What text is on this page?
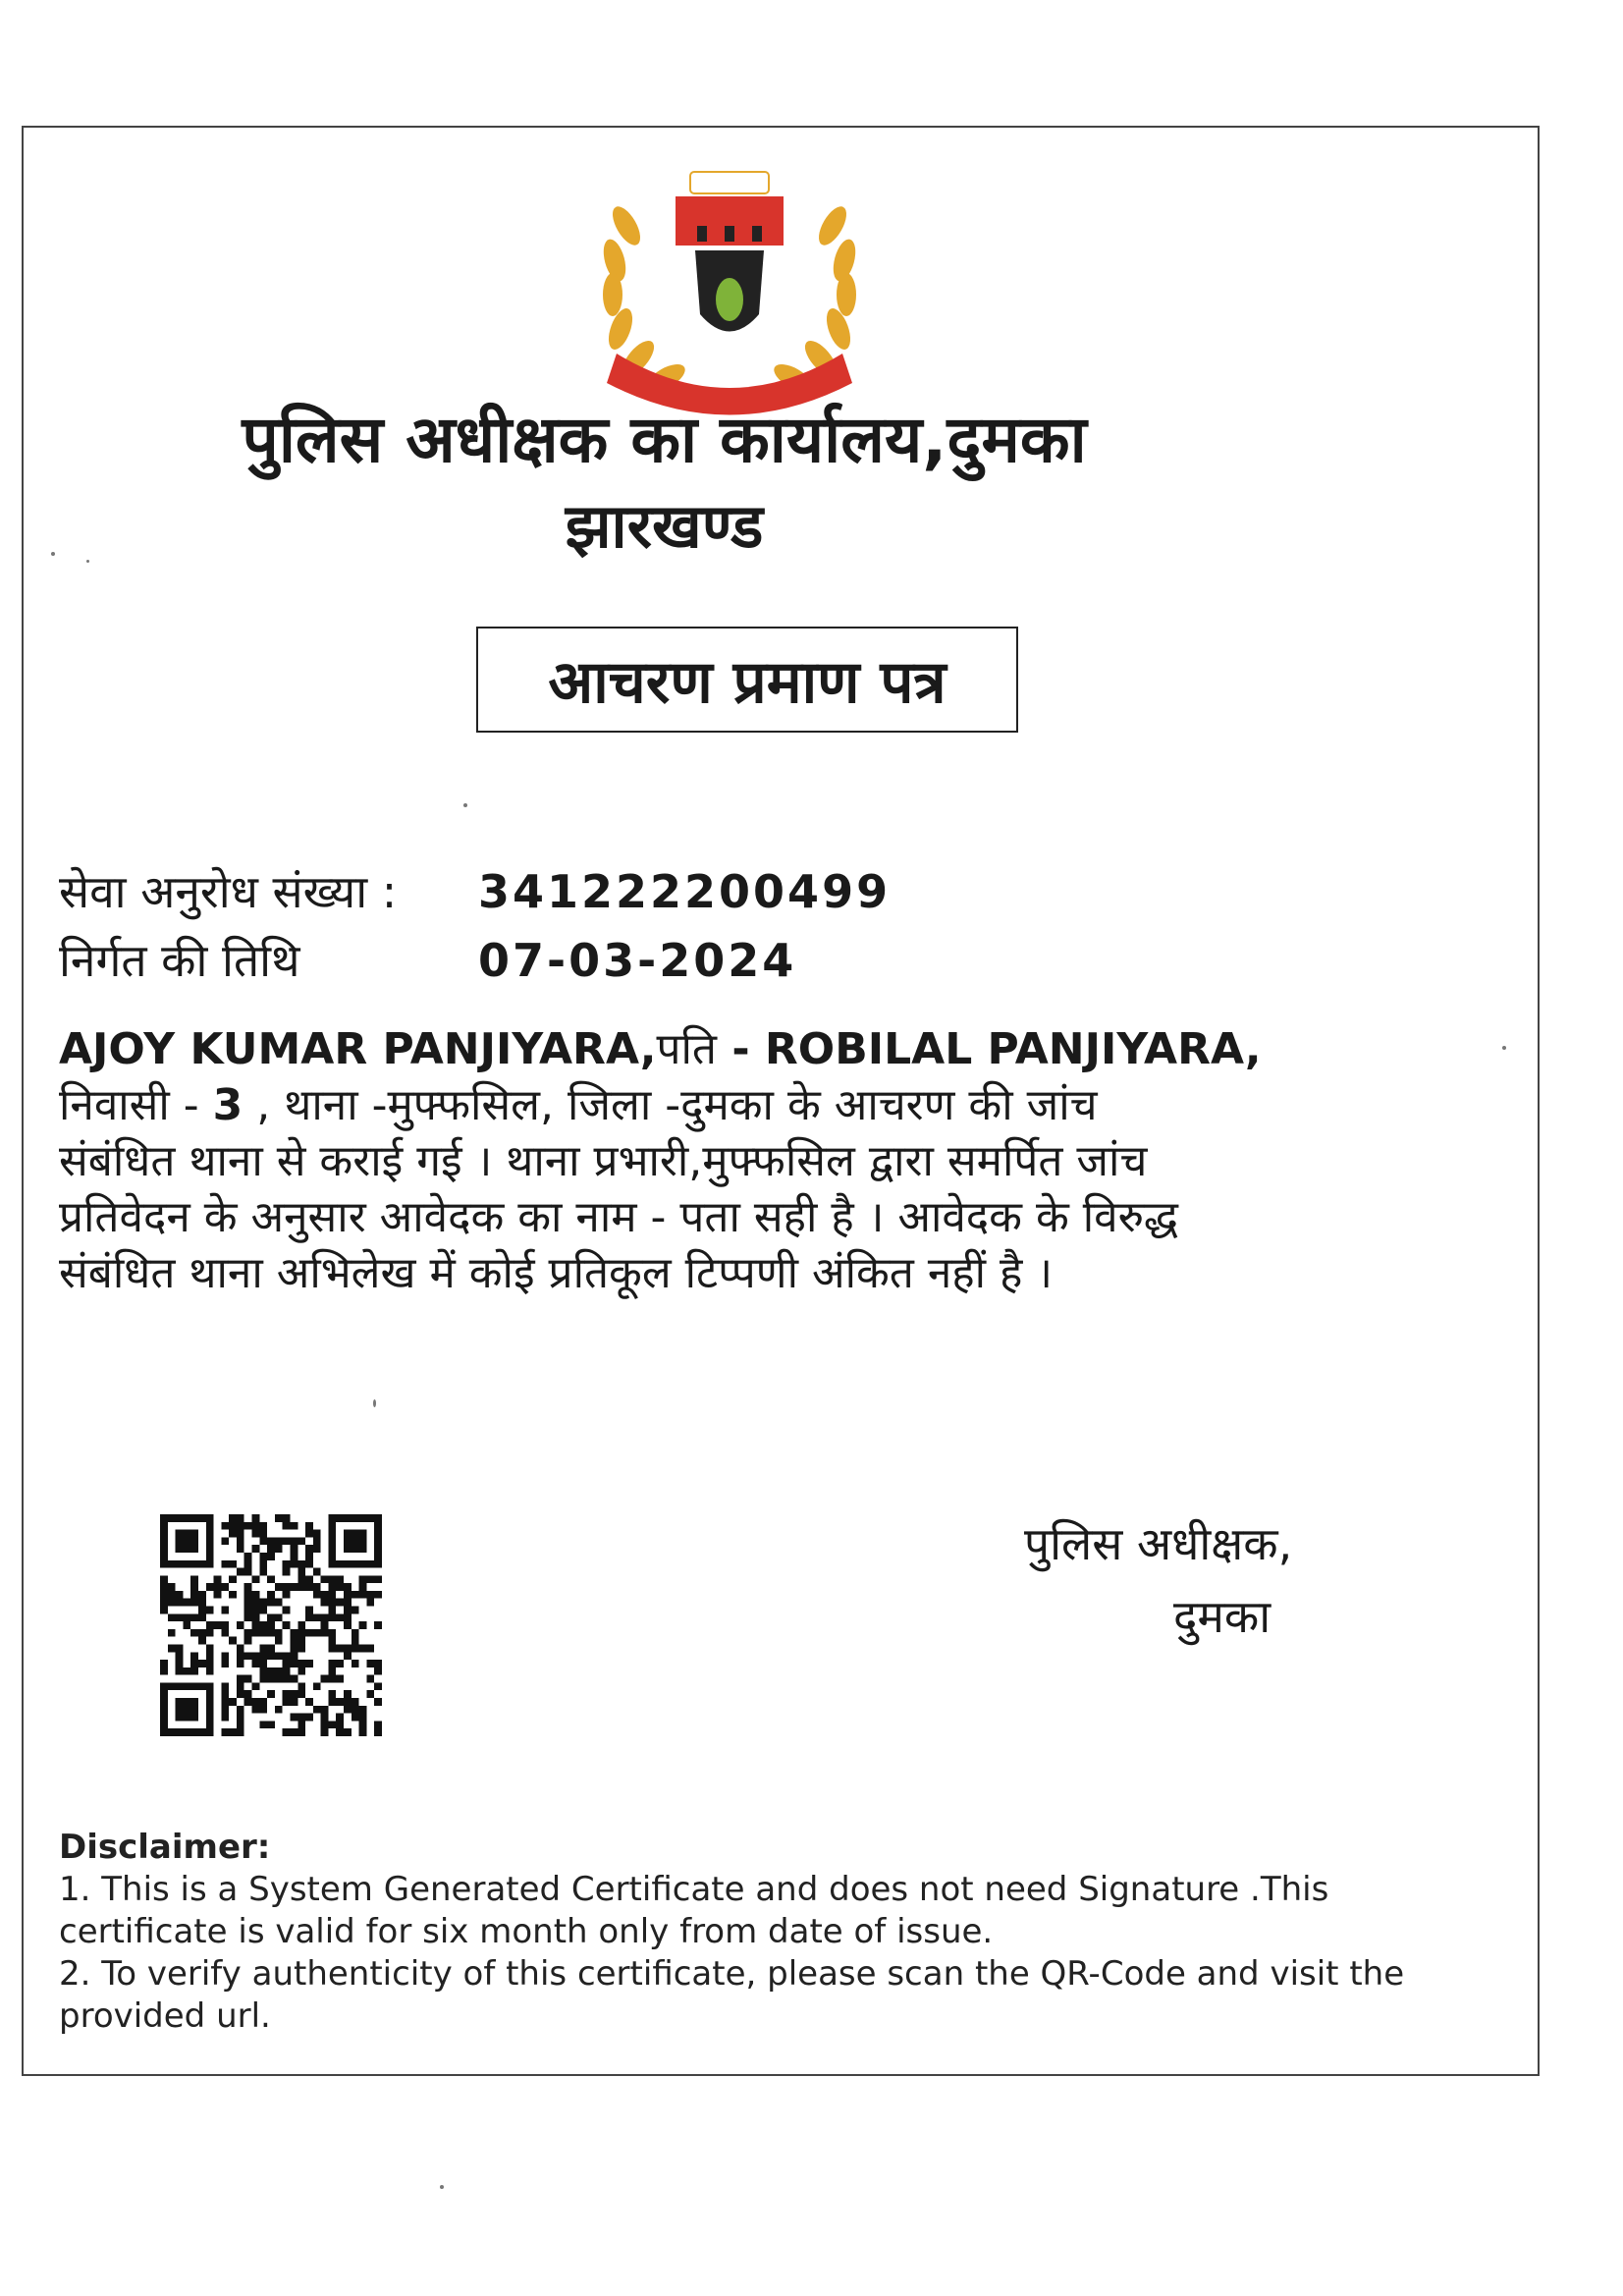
पुलिस अधीक्षक का कार्यालय,दुमका
झारखण्ड
आचरण प्रमाण पत्र
सेवा अनुरोध संख्या : 341222200499
निर्गत की तिथि	07-03-2024
AJOY KUMAR PANJIYARA,पति - ROBILAL PANJIYARA,
निवासी - 3 , थाना -मुफ्फसिल, जिला -दुमका के आचरण की जांच
संबंधित थाना से कराई गई । थाना प्रभारी,मुफ्फसिल द्वारा समर्पित जांच
प्रतिवेदन के अनुसार आवेदक का नाम - पता सही है । आवेदक के विरुद्ध
संबंधित थाना अभिलेख में कोई प्रतिकूल टिप्पणी अंकित नहीं है ।
पुलिस अधीक्षक,
दुमका
Disclaimer:
1. This is a System Generated Certificate and does not need Signature .This certificate is valid for six month only from date of issue.
2. To verify authenticity of this certificate, please scan the QR-Code and visit the provided url.
